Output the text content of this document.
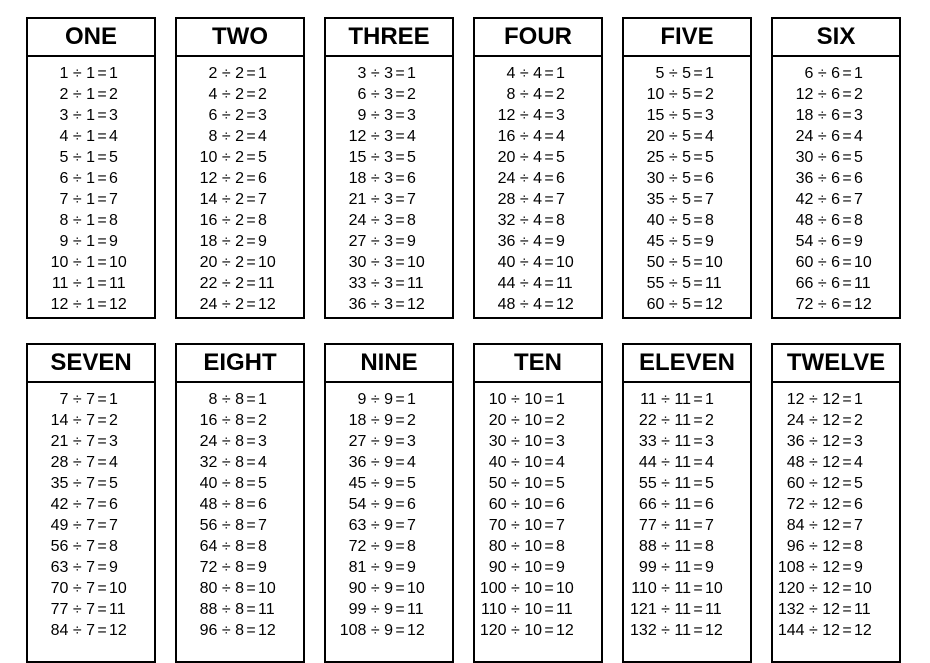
ONE
1 ÷ 1 = 1
2 ÷ 1 = 2
3 ÷ 1 = 3
4 ÷ 1 = 4
5 ÷ 1 = 5
6 ÷ 1 = 6
7 ÷ 1 = 7
8 ÷ 1 = 8
9 ÷ 1 = 9
10 ÷ 1 = 10
11 ÷ 1 = 11
12 ÷ 1 = 12
TWO
2 ÷ 2 = 1
4 ÷ 2 = 2
6 ÷ 2 = 3
8 ÷ 2 = 4
10 ÷ 2 = 5
12 ÷ 2 = 6
14 ÷ 2 = 7
16 ÷ 2 = 8
18 ÷ 2 = 9
20 ÷ 2 = 10
22 ÷ 2 = 11
24 ÷ 2 = 12
THREE
3 ÷ 3 = 1
6 ÷ 3 = 2
9 ÷ 3 = 3
12 ÷ 3 = 4
15 ÷ 3 = 5
18 ÷ 3 = 6
21 ÷ 3 = 7
24 ÷ 3 = 8
27 ÷ 3 = 9
30 ÷ 3 = 10
33 ÷ 3 = 11
36 ÷ 3 = 12
FOUR
4 ÷ 4 = 1
8 ÷ 4 = 2
12 ÷ 4 = 3
16 ÷ 4 = 4
20 ÷ 4 = 5
24 ÷ 4 = 6
28 ÷ 4 = 7
32 ÷ 4 = 8
36 ÷ 4 = 9
40 ÷ 4 = 10
44 ÷ 4 = 11
48 ÷ 4 = 12
FIVE
5 ÷ 5 = 1
10 ÷ 5 = 2
15 ÷ 5 = 3
20 ÷ 5 = 4
25 ÷ 5 = 5
30 ÷ 5 = 6
35 ÷ 5 = 7
40 ÷ 5 = 8
45 ÷ 5 = 9
50 ÷ 5 = 10
55 ÷ 5 = 11
60 ÷ 5 = 12
SIX
6 ÷ 6 = 1
12 ÷ 6 = 2
18 ÷ 6 = 3
24 ÷ 6 = 4
30 ÷ 6 = 5
36 ÷ 6 = 6
42 ÷ 6 = 7
48 ÷ 6 = 8
54 ÷ 6 = 9
60 ÷ 6 = 10
66 ÷ 6 = 11
72 ÷ 6 = 12
SEVEN
7 ÷ 7 = 1
14 ÷ 7 = 2
21 ÷ 7 = 3
28 ÷ 7 = 4
35 ÷ 7 = 5
42 ÷ 7 = 6
49 ÷ 7 = 7
56 ÷ 7 = 8
63 ÷ 7 = 9
70 ÷ 7 = 10
77 ÷ 7 = 11
84 ÷ 7 = 12
EIGHT
8 ÷ 8 = 1
16 ÷ 8 = 2
24 ÷ 8 = 3
32 ÷ 8 = 4
40 ÷ 8 = 5
48 ÷ 8 = 6
56 ÷ 8 = 7
64 ÷ 8 = 8
72 ÷ 8 = 9
80 ÷ 8 = 10
88 ÷ 8 = 11
96 ÷ 8 = 12
NINE
9 ÷ 9 = 1
18 ÷ 9 = 2
27 ÷ 9 = 3
36 ÷ 9 = 4
45 ÷ 9 = 5
54 ÷ 9 = 6
63 ÷ 9 = 7
72 ÷ 9 = 8
81 ÷ 9 = 9
90 ÷ 9 = 10
99 ÷ 9 = 11
108 ÷ 9 = 12
TEN
10 ÷ 10 = 1
20 ÷ 10 = 2
30 ÷ 10 = 3
40 ÷ 10 = 4
50 ÷ 10 = 5
60 ÷ 10 = 6
70 ÷ 10 = 7
80 ÷ 10 = 8
90 ÷ 10 = 9
100 ÷ 10 = 10
110 ÷ 10 = 11
120 ÷ 10 = 12
ELEVEN
11 ÷ 11 = 1
22 ÷ 11 = 2
33 ÷ 11 = 3
44 ÷ 11 = 4
55 ÷ 11 = 5
66 ÷ 11 = 6
77 ÷ 11 = 7
88 ÷ 11 = 8
99 ÷ 11 = 9
110 ÷ 11 = 10
121 ÷ 11 = 11
132 ÷ 11 = 12
TWELVE
12 ÷ 12 = 1
24 ÷ 12 = 2
36 ÷ 12 = 3
48 ÷ 12 = 4
60 ÷ 12 = 5
72 ÷ 12 = 6
84 ÷ 12 = 7
96 ÷ 12 = 8
108 ÷ 12 = 9
120 ÷ 12 = 10
132 ÷ 12 = 11
144 ÷ 12 = 12
